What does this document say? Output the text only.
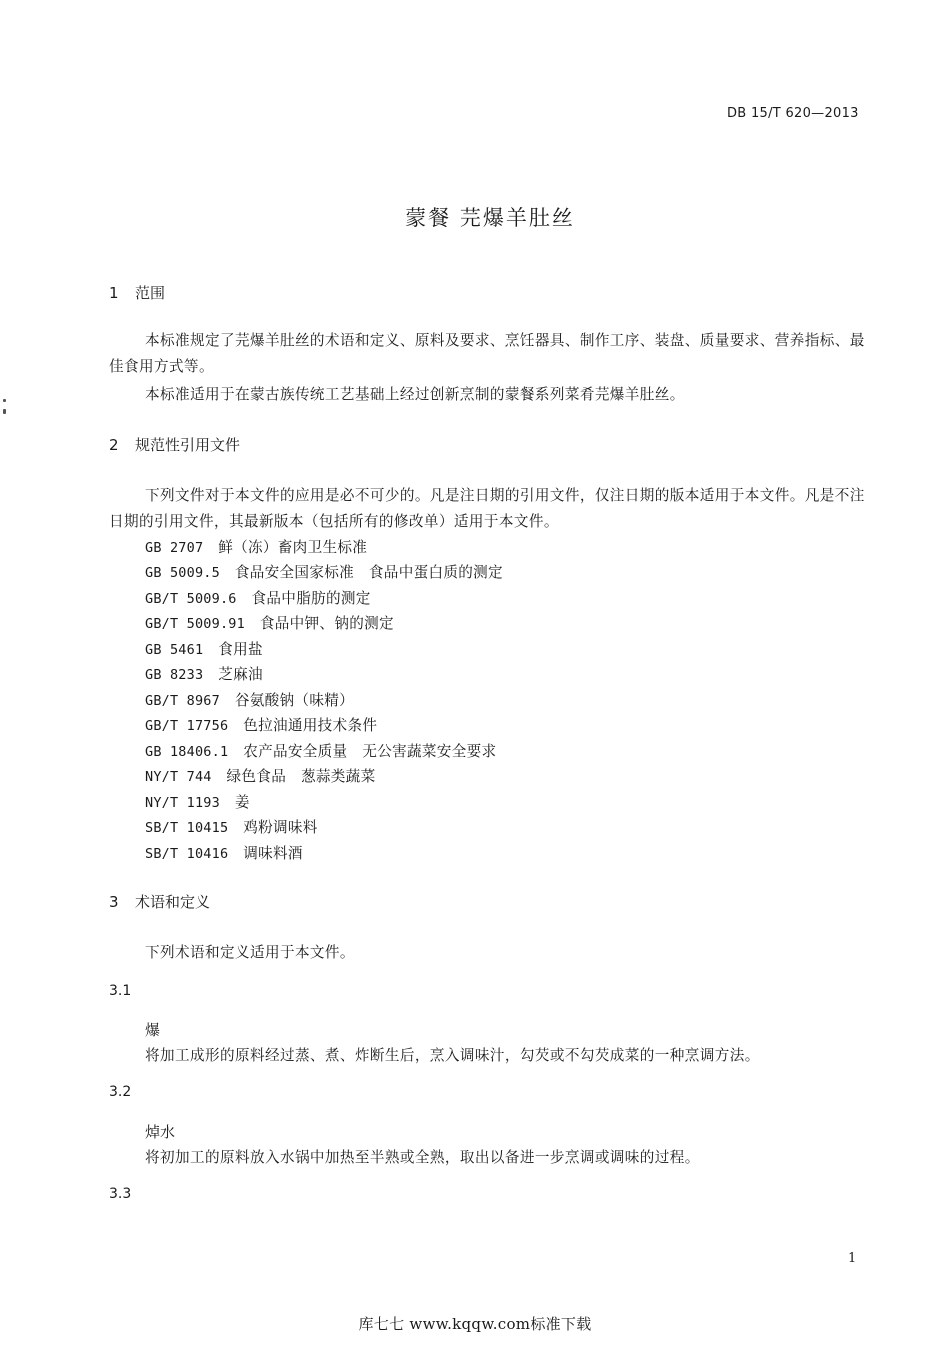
DB 15/T 620—2013
蒙餐 芫爆羊肚丝
1 范围
本标准规定了芫爆羊肚丝的术语和定义、原料及要求、烹饪器具、制作工序、装盘、质量要求、营养指标、最佳食用方式等。
本标准适用于在蒙古族传统工艺基础上经过创新烹制的蒙餐系列菜肴芫爆羊肚丝。
2 规范性引用文件
下列文件对于本文件的应用是必不可少的。凡是注日期的引用文件，仅注日期的版本适用于本文件。凡是不注日期的引用文件，其最新版本（包括所有的修改单）适用于本文件。
GB 2707　 鲜（冻）畜肉卫生标准
GB 5009.5　 食品安全国家标准　食品中蛋白质的测定
GB/T 5009.6　 食品中脂肪的测定
GB/T 5009.91　 食品中钾、钠的测定
GB 5461　 食用盐
GB 8233　 芝麻油
GB/T 8967　 谷氨酸钠（味精）
GB/T 17756　 色拉油通用技术条件
GB 18406.1　 农产品安全质量　无公害蔬菜安全要求
NY/T 744　 绿色食品　葱蒜类蔬菜
NY/T 1193　 姜
SB/T 10415　 鸡粉调味料
SB/T 10416　 调味料酒
3 术语和定义
下列术语和定义适用于本文件。
3.1
爆
将加工成形的原料经过蒸、煮、炸断生后，烹入调味汁，勾芡或不勾芡成菜的一种烹调方法。
3.2
焯水
将初加工的原料放入水锅中加热至半熟或全熟，取出以备进一步烹调或调味的过程。
3.3
1
库七七 www.kqqw.com标准下载
